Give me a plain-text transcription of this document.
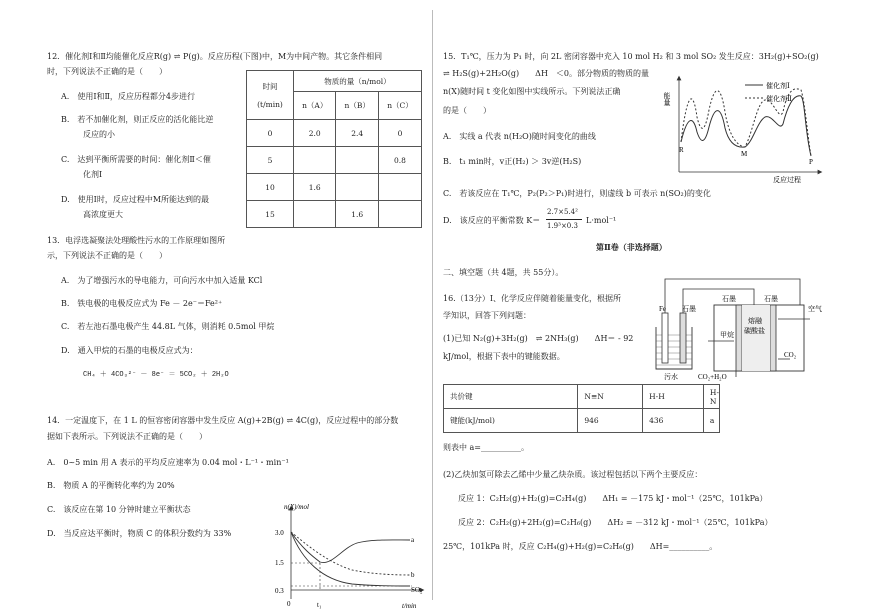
12．催化剂Ⅰ和Ⅱ均能催化反应R(g) ⇌ P(g)。反应历程(下图)中，M为中间产物。其它条件相同
时，下列说法不正确的是（　　）
A.　使用Ⅰ和Ⅱ，反应历程都分4步进行
B.　若不加催化剂，则正反应的活化能比逆
反应的小
C.　达到平衡所需要的时间：催化剂Ⅱ＜催
化剂Ⅰ
D.　使用Ⅰ时，反应过程中M所能达到的最
高浓度更大
时间
(t/min)	物质的量（n/mol）		
	n（A）	n（B）	n（C）
0	2.0	2.4	0
5			0.8
10	1.6		
15		1.6	
13．电浮选凝聚法处理酸性污水的工作原理如图所
示，下列说法不正确的是（　　）
A.　为了增强污水的导电能力，可向污水中加入适量 KCl
B.　铁电极的电极反应式为 Fe － 2e⁻＝Fe²⁺
C.　若左池石墨电极产生 44.8L 气体，则消耗 0.5mol 甲烷
D.　通入甲烷的石墨的电极反应式为：
CH₄ ＋ 4CO₃²⁻ － 8e⁻ ＝ 5CO₂ ＋ 2H₂O
14．一定温度下，在 1 L 的恒容密闭容器中发生反应 A(g)+2B(g) ⇌ 4C(g)，反应过程中的部分数
据如下表所示。下列说法不正确的是（　　）
A.　0~5 min 用 A 表示的平均反应速率为 0.04 mol・L⁻¹・min⁻¹
B.　物质 A 的平衡转化率约为 20%
C.　该反应在第 10 分钟时建立平衡状态
D.　当反应达平衡时，物质 C 的体积分数约为 33%
n(X)/mol
t/min
3.0
1.5
0.3
0	t₁
a
b
SO₂
15．T₁℃，压力为 P₁ 时，向 2L 密闭容器中充入 10 mol H₂ 和 3 mol SO₂ 发生反应：3H₂(g)+SO₂(g)
⇌ H₂S(g)+2H₂O(g)　　ΔH　＜0。部分物质的物质的量
n(X)随时间 t 变化如图中实线所示。下列说法正确
的是（　　）
A.　实线 a 代表 n(H₂O)随时间变化的曲线
B.　t₁ min时，v正(H₂) ＞ 3v逆(H₂S)
C.　若该反应在 T₁℃，P₂(P₂＞P₁)时进行，则虚线 b 可表示 n(SO₂)的变化
D.　该反应的平衡常数 K＝
2.7×5.4²
1.9³×0.3
L·mol⁻¹
能量
反应过程
催化剂Ⅰ
催化剂Ⅱ
R	M
P
第Ⅱ卷（非选择题）
二、填空题（共 4题，共 55分）。
16.（13分）Ⅰ、化学反应伴随着能量变化，根据所
学知识，回答下列问题：
(1)已知 N₂(g)+3H₂(g)　⇌ 2NH₃(g)　　ΔH＝ - 92
kJ/mol，根据下表中的键能数据。
则表中 a=__________。
(2)乙炔加氢可除去乙烯中少量乙炔杂质。该过程包括以下两个主要反应：
反应 1：C₂H₂(g)+H₂(g)=C₂H₄(g)　　ΔH₁ = －175 kJ・mol⁻¹（25℃，101kPa）
反应 2：C₂H₂(g)+2H₂(g)=C₂H₆(g)　　ΔH₂ = －312 kJ・mol⁻¹（25℃，101kPa）
25℃，101kPa 时，反应 C₂H₄(g)+H₂(g)=C₂H₆(g)　　ΔH=__________。
共价键	N≡N	H-H	H-N
键能(kJ/mol)	946	436	a
Fe 石墨
污水
石墨	石墨
熔融
碳酸盐
甲烷
空气
CO₂
CO₂+H₂O
